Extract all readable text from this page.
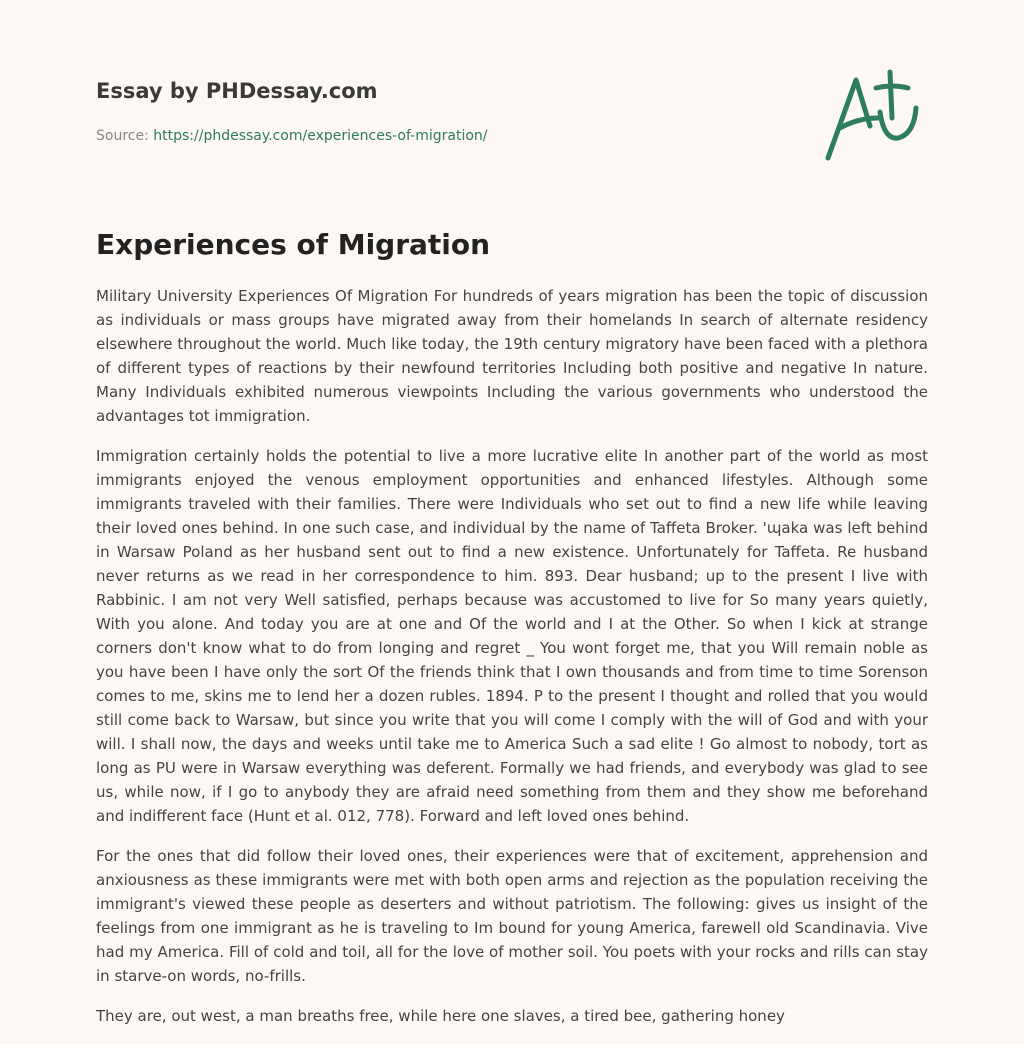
Essay by PHDessay.com
Source: https://phdessay.com/experiences-of-migration/
Experiences of Migration

Military University Experiences Of Migration For hundreds of years migration has been the topic of discussion as individuals or mass groups have migrated away from their homelands In search of alternate residency elsewhere throughout the world. Much like today, the 19th century migratory have been faced with a plethora of different types of reactions by their newfound territories Including both positive and negative In nature. Many Individuals exhibited numerous viewpoints Including the various governments who understood the advantages tot immigration.

Immigration certainly holds the potential to live a more lucrative elite In another part of the world as most immigrants enjoyed the venous employment opportunities and enhanced lifestyles. Although some immigrants traveled with their families. There were Individuals who set out to find a new life while leaving their loved ones behind. In one such case, and individual by the name of Taffeta Broker. 'ɰaka was left behind in Warsaw Poland as her husband sent out to find a new existence. Unfortunately for Taffeta. Re husband never returns as we read in her correspondence to him. 893. Dear husband; up to the present I live with Rabbinic. I am not very Well satisfied, perhaps because was accustomed to live for So many years quietly, With you alone. And today you are at one and Of the world and I at the Other. So when I kick at strange corners don't know what to do from longing and regret _ You wont forget me, that you Will remain noble as you have been I have only the sort Of the friends think that I own thousands and from time to time Sorenson comes to me, skins me to lend her a dozen rubles. 1894. P to the present I thought and rolled that you would still come back to Warsaw, but since you write that you will come I comply with the will of God and with your will. I shall now, the days and weeks until take me to America Such a sad elite ! Go almost to nobody, tort as long as PU were in Warsaw everything was deferent. Formally we had friends, and everybody was glad to see us, while now, if I go to anybody they are afraid need something from them and they show me beforehand and indifferent face (Hunt et al. 012, 778). Forward and left loved ones behind.

For the ones that did follow their loved ones, their experiences were that of excitement, apprehension and anxiousness as these immigrants were met with both open arms and rejection as the population receiving the immigrant's viewed these people as deserters and without patriotism. The following: gives us insight of the feelings from one immigrant as he is traveling to Im bound for young America, farewell old Scandinavia. Vive had my America. Fill of cold and toil, all for the love of mother soil. You poets with your rocks and rills can stay in starve-on words, no-frills.

They are, out west, a man breaths free, while here one slaves, a tired bee, gathering honey
